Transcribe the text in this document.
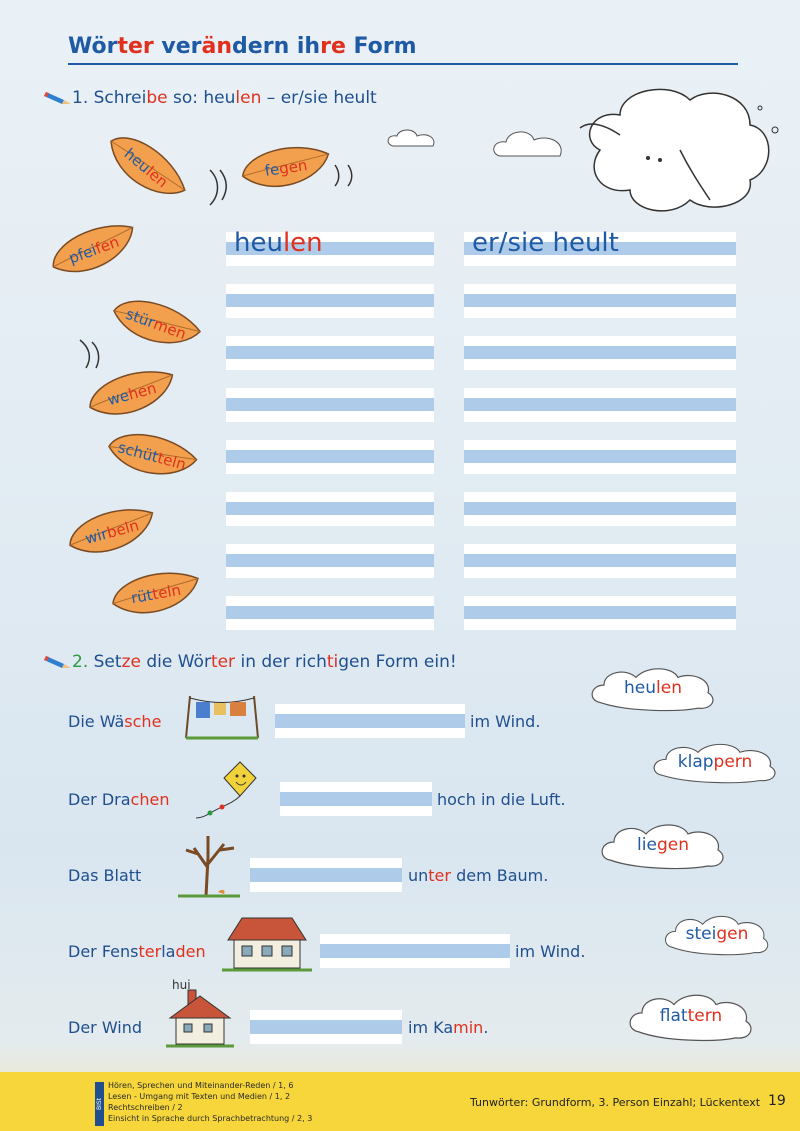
Wörter verändern ihre Form
1. Schreibe so: heulen – er/sie heult
heu
len	fe
gen
pfei
fen
stür
men
we
hen
schüt
teln
wir
beln
rüt
teln
heulen	er/sie heult
2. Setze die Wörter in der richtigen Form ein!
Die Wäsche	im Wind.
Der Drachen	hoch in die Luft.
Das Blatt	unter dem Baum.
Der Fensterladen	im Wind.
Der Wind	im Kamin.
hui
heu len
klap pern
lie gen
stei gen
flat tern
BISt
Hören, Sprechen und Miteinander-Reden / 1, 6
Lesen - Umgang mit Texten und Medien / 1, 2
Rechtschreiben / 2
Einsicht in Sprache durch Sprachbetrachtung / 2, 3
Tunwörter: Grundform, 3. Person Einzahl; Lückentext 19
